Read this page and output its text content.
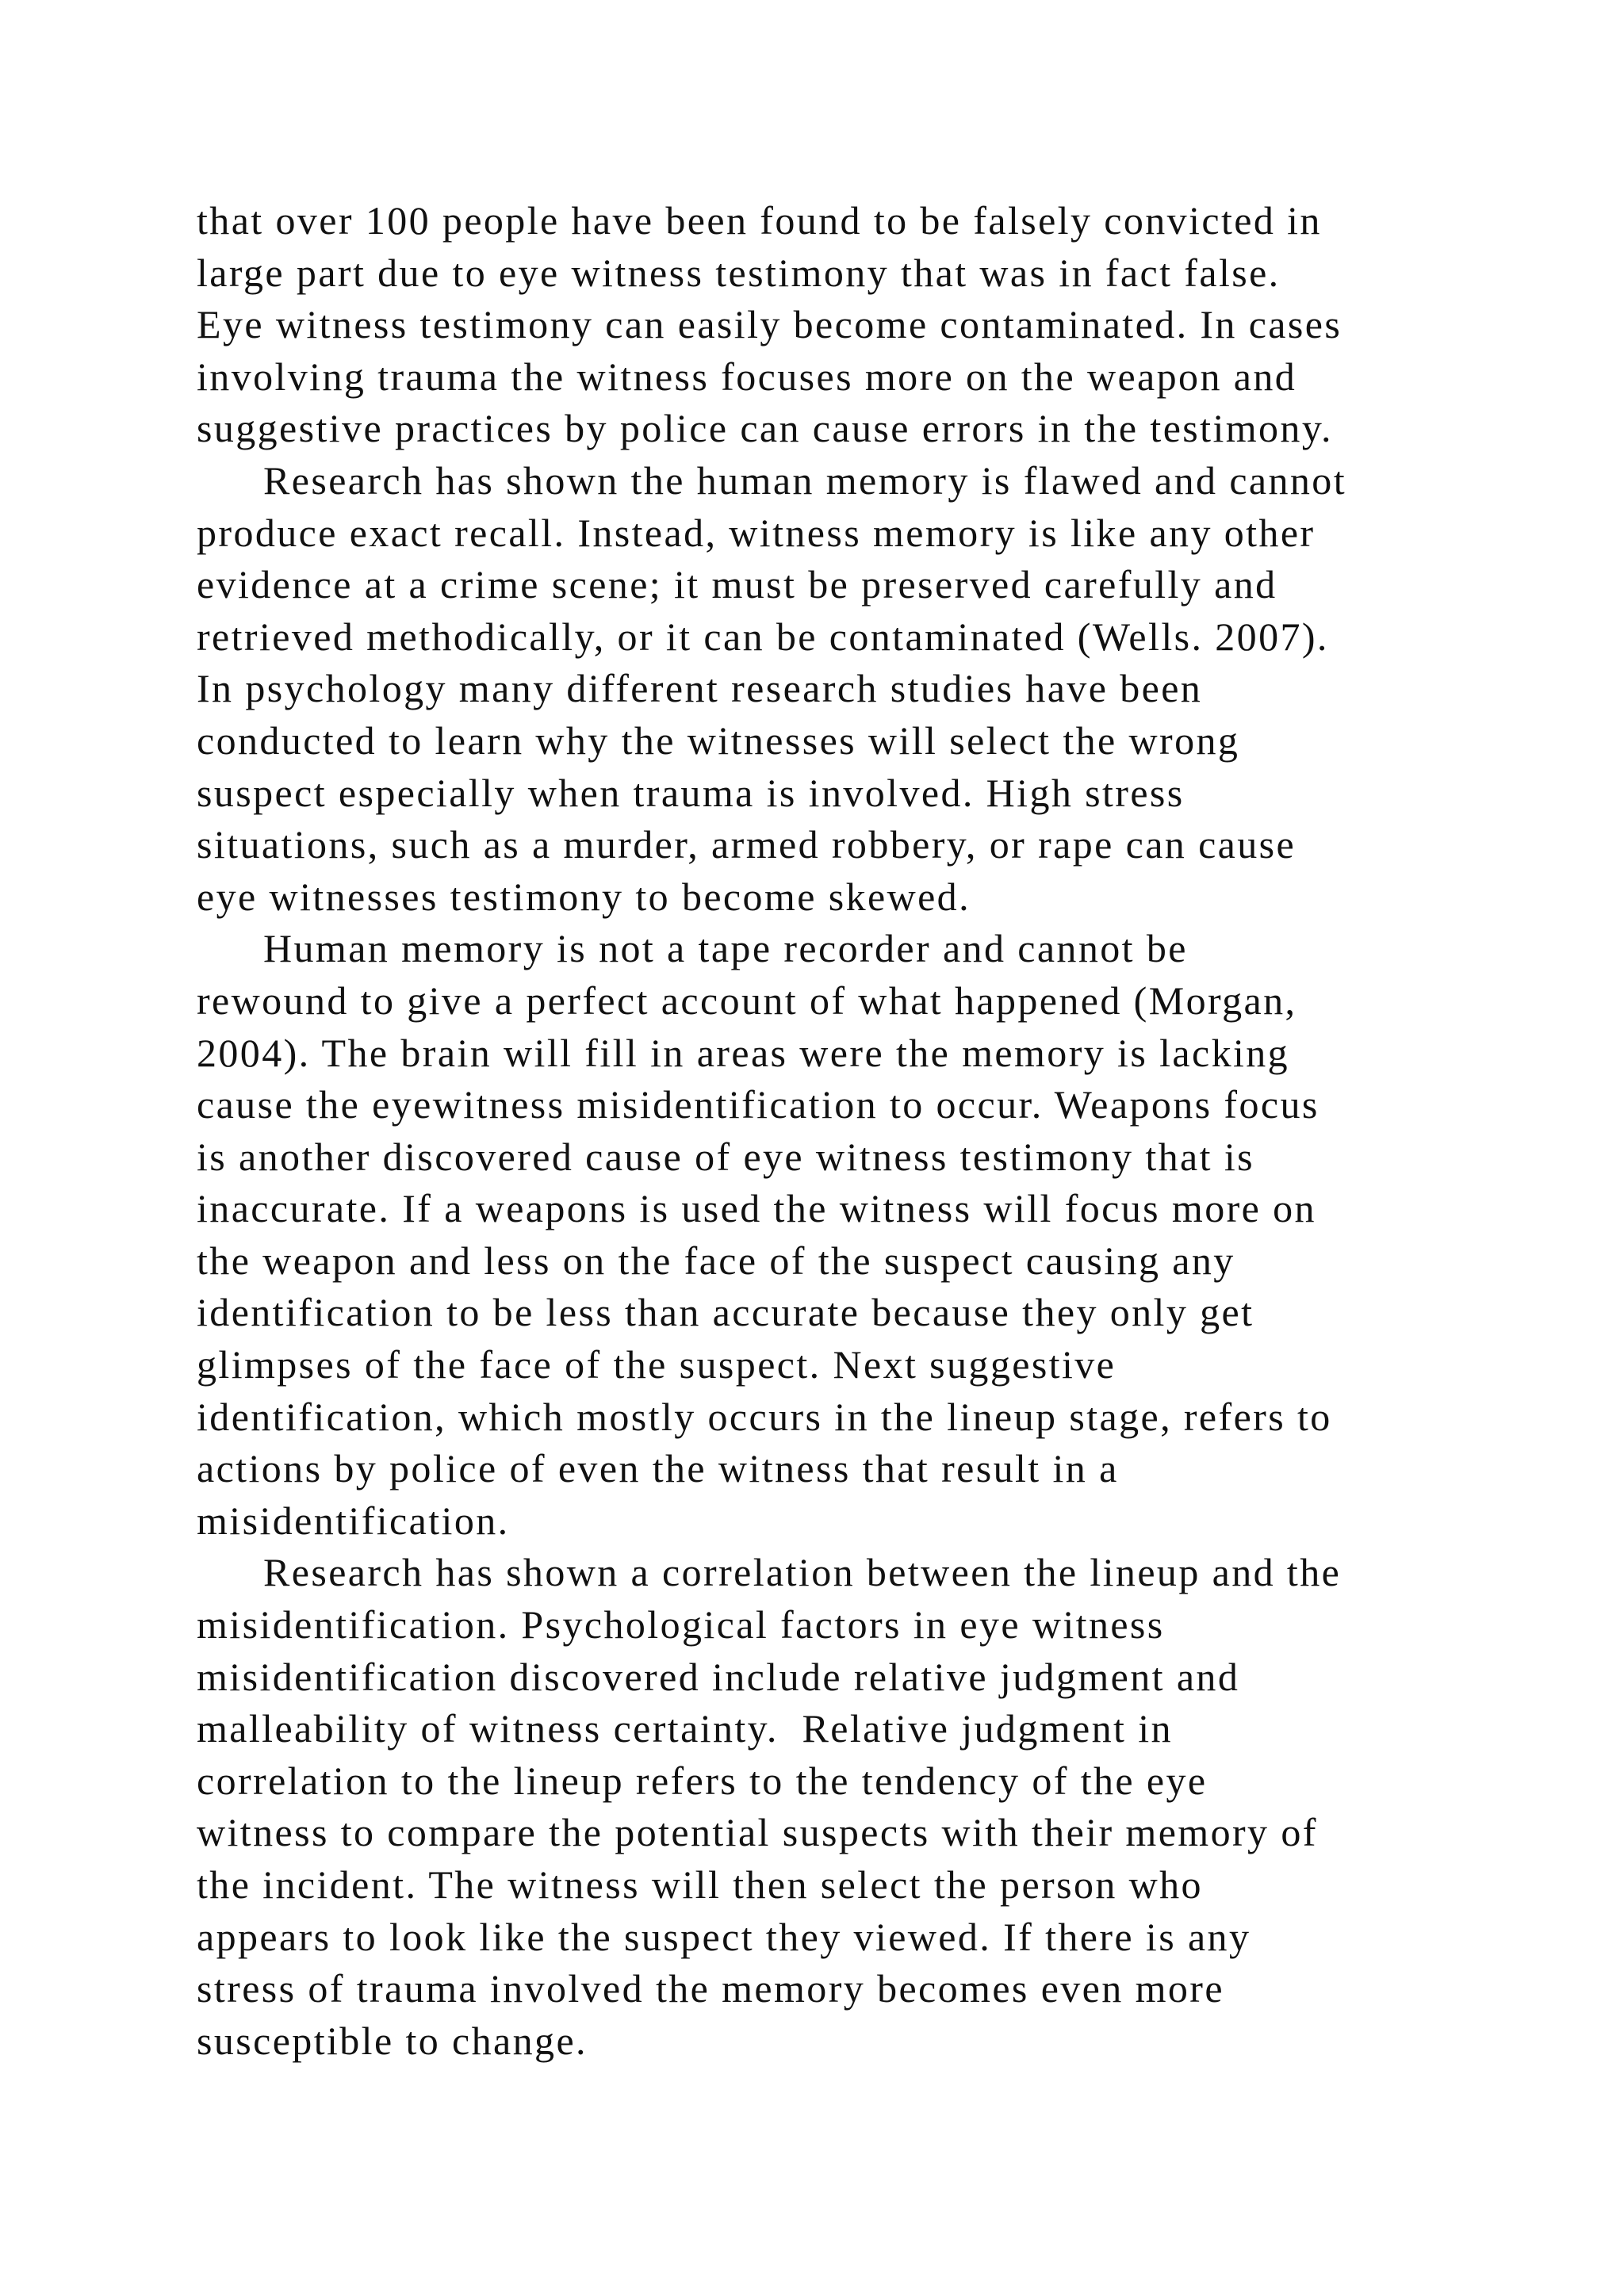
that over 100 people have been found to be falsely convicted in
large part due to eye witness testimony that was in fact false.
Eye witness testimony can easily become contaminated. In cases
involving trauma the witness focuses more on the weapon and
suggestive practices by police can cause errors in the testimony.
Research has shown the human memory is flawed and cannot
produce exact recall. Instead, witness memory is like any other
evidence at a crime scene; it must be preserved carefully and
retrieved methodically, or it can be contaminated (Wells. 2007).
In psychology many different research studies have been
conducted to learn why the witnesses will select the wrong
suspect especially when trauma is involved. High stress
situations, such as a murder, armed robbery, or rape can cause
eye witnesses testimony to become skewed.
Human memory is not a tape recorder and cannot be
rewound to give a perfect account of what happened (Morgan,
2004). The brain will fill in areas were the memory is lacking
cause the eyewitness misidentification to occur. Weapons focus
is another discovered cause of eye witness testimony that is
inaccurate. If a weapons is used the witness will focus more on
the weapon and less on the face of the suspect causing any
identification to be less than accurate because they only get
glimpses of the face of the suspect. Next suggestive
identification, which mostly occurs in the lineup stage, refers to
actions by police of even the witness that result in a
misidentification.
Research has shown a correlation between the lineup and the
misidentification. Psychological factors in eye witness
misidentification discovered include relative judgment and
malleability of witness certainty.  Relative judgment in
correlation to the lineup refers to the tendency of the eye
witness to compare the potential suspects with their memory of
the incident. The witness will then select the person who
appears to look like the suspect they viewed. If there is any
stress of trauma involved the memory becomes even more
susceptible to change.
